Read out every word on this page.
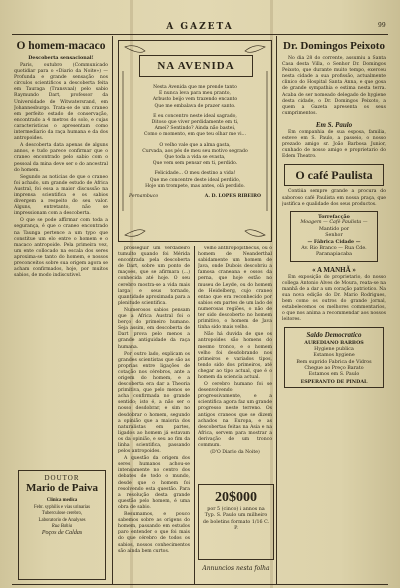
A GAZETA	99
O homem-macaco
Descoberta sensacional!

Paris, outubro (Communicado quotidiar para o «Diario da Noite») — Profunda e grande sensação nos circulos scientificos a descoberta feita em Tauraga (Transvaal) pelo sabio Raymundo Dart, professor da Universidade de Witwatersrand, em Johannesburgo. Trata-se de um craneo em perfeito estado de conservação, encontrado a 4 metros do solo, e cujas caracteristicas o apresentam como intermediario da raça humana e da dos antropoides.

A descoberta data apenas de alguns annos, e tudo parece confirmar que o craneo encontrado pelo sabio com o pessoal da mina deve ser o do ancestral do homem.

Segundo as noticias de que o craneo foi achado, um grande estudo de Africa Austral, foi essa a maior discussão na imprensa scientifica e os sabios divergem a respeito do seu valor. Alguns, entretanto, não se impressionam com a descoberta.

O que se pode affirmar com toda a segurança, é que o craneo encontrado na Taunga pertence a um typo que constitue um elo entre o homem e o macaco antropoide. Pela primeira vez, um ente collocado na escala dos seres aproxima-se tanto do homem, e nossos preconceitos sobre sua origem agora se acham confirmados, hoje, por muitos sabios, de modo indiscutivel.

DOUTOR
Mario de Paiva
Clinica medica
Febr. syphilis e vias urinarias
Tuberculose cerebro,
Laboratorio de Analyses
Rua Bahia
Poços de Caldas
NA AVENIDA
Nesta Avenida que me prende tanto
E nunca leva para meu pranto,
Arbusto beijo vem trazendo encanto
Que me embalava de prazer santo.
E eu concentro neste ideal sagrado,
Ditoso que viver perdidamente em ti,
Amei? Sentindo? Ainda não bastei,
Como o momento, em que teu olhar me vi...
O velho vale que a alma gasta,
Curvada, aos pés de meu seu motivo segrado
Que toda a vida se evasta,
Que vem sem pensar em ti, perdido.
Felicidade... O meu destino a vida!
Que me concentre deste ideal perdido,
Hoje um trompete, mas antes, olá perdido.
Pernambuco	A. D. LOPES RIBEIRO

prosseguir um verdadeiro tumulto quando foi Mérida encontrada pela descoberta de Dart, sobre um ponto de maçoes, que se afirmara (...) conhecida até hoje. O seu cerebro mostra-se a vida mais larga e seus tornado, quantidade aproximada para a plenitude scientifica.

Numerosos sabios pensam que a Africa Austral foi o berço do primeiro humano. Seja assim, em descoberta de Dart prova pelo menos a grande antiguidade da raça humana.

Por outro lado, explicam os grandes scientistas que são as proprias entre ligações de cotação nos cérebros, ante a origem do homem, e a descoberta era dar a Theoria primitiva, que pelo menos se acha confirmada no grande sentido; isto é, a não ser o nosso desdobrar, e sim no desdobrar o homem, segundo a opinião que a maioria dos naturalistas em partes, ligados ao homem já estavam os da opinião, e seu ao fim da linha scientifica, passando pelos antropoides.

A questão da origem dos seres humanos achou-se intensamente no centro dos debates de todo o mundo, desde que o homem foi resolvendo esta questão. Para a resolução desta grande questão pelo homem, é uma obra de sabio.

Resumamos, e pouco sabemos sobre as origens do homem, passando em estudos paro entender o que foi mais do que cérebro de todos os sabios, nossos conhecimentos são ainda bem curtos.

velho anthropopithecus, ou o homem de Neanderthal sabidamente um homem de Java, onde Dubois descobriu a famosa craneana e ossos da perna, que hoje estão no museu de Leyde, ou do homem de Heidelberg, cujo craneo entao que era reconhecido por sabios em partes de um lado de numerosas regiões, o não de ter sido descoberto no homem primitivo, o homem de Java tinha sido mais velho.

Não há duvida de que os antropoides são homens do mesmo tronco, e o homem velho foi desdobrando nos primeiros e variados tipos, tendo sido dos primeiros, até chegar ao tipo actual, que é o homem da sciencia actual.

O cerebro humano foi se desenvolvendo progressivamente, e a scientifica agora faz um grande progresso neste terreno. Os antigos craneos que se dizem achados na Europa, e as descobertas feitas na Asia e na Africa, servem para mostrar a derivação de um tronco commum.

(D'O Diario da Noite)

20$000
por 5 (cinco) ⅰ annos na Typ. S. Paulo um milheiro de boletins formato 1/16 C. P.
Annuncios nesta folha
Dr. Domingos Peixoto

No dia 28 do corrente, assumiu a Santa Casa desta Villa, o Senhor Dr. Domingos Peixoto, que durante muito tempo, exerceu nesta cidade a sua profissão, actualmente clinico do Hospital Santa Anna, e que gosa de grande sympathia e estima nesta terra. Acaba de ser nomeado delegado de hygiene desta cidade, o Dr. Domingos Peixoto, a quem a Gazeta apresenta os seus cumprimentos.

Em S. Paulo

Em companhia de sua esposa, familia, esteve em S. Paulo, a passeio, o nosso prezado amigo sr. João Barbosa Junior, cunhado de nosso amigo e proprietario do Edem Theatro.

O café Paulista

Contiúa sempre grande a procura do saboroso café Paulista em nossa praça, que justifica e qualidade dos seus productos.

Torrefacção
Moagem — Café Paulista —
Mantido por
Senhor
— Fábrica Cidade —
Av. Rio Branco — Rua Cde. Paranapiacaba
« A MANHÃ »

Em exposição do proprietario, do nosso collega Antonio Alves de Moura, reata-se na manhã de a dar a um coração patriotico. Na sua nova edição do Dr. Mario Rodrigues, bem como os outros do grande jornal, estabelecemos os melhores commentarios, o que nos anima a recommendar aos nossos leitores.

Saldo Democratico
AUREDIANO BARBOS
Hygiene publica
Estamos hygiene
Bem suprido Fabrica de Vidros
Chegue ao Preço Barato
Estamos em S. Paulo
ESPERANTO DE PINDAL
